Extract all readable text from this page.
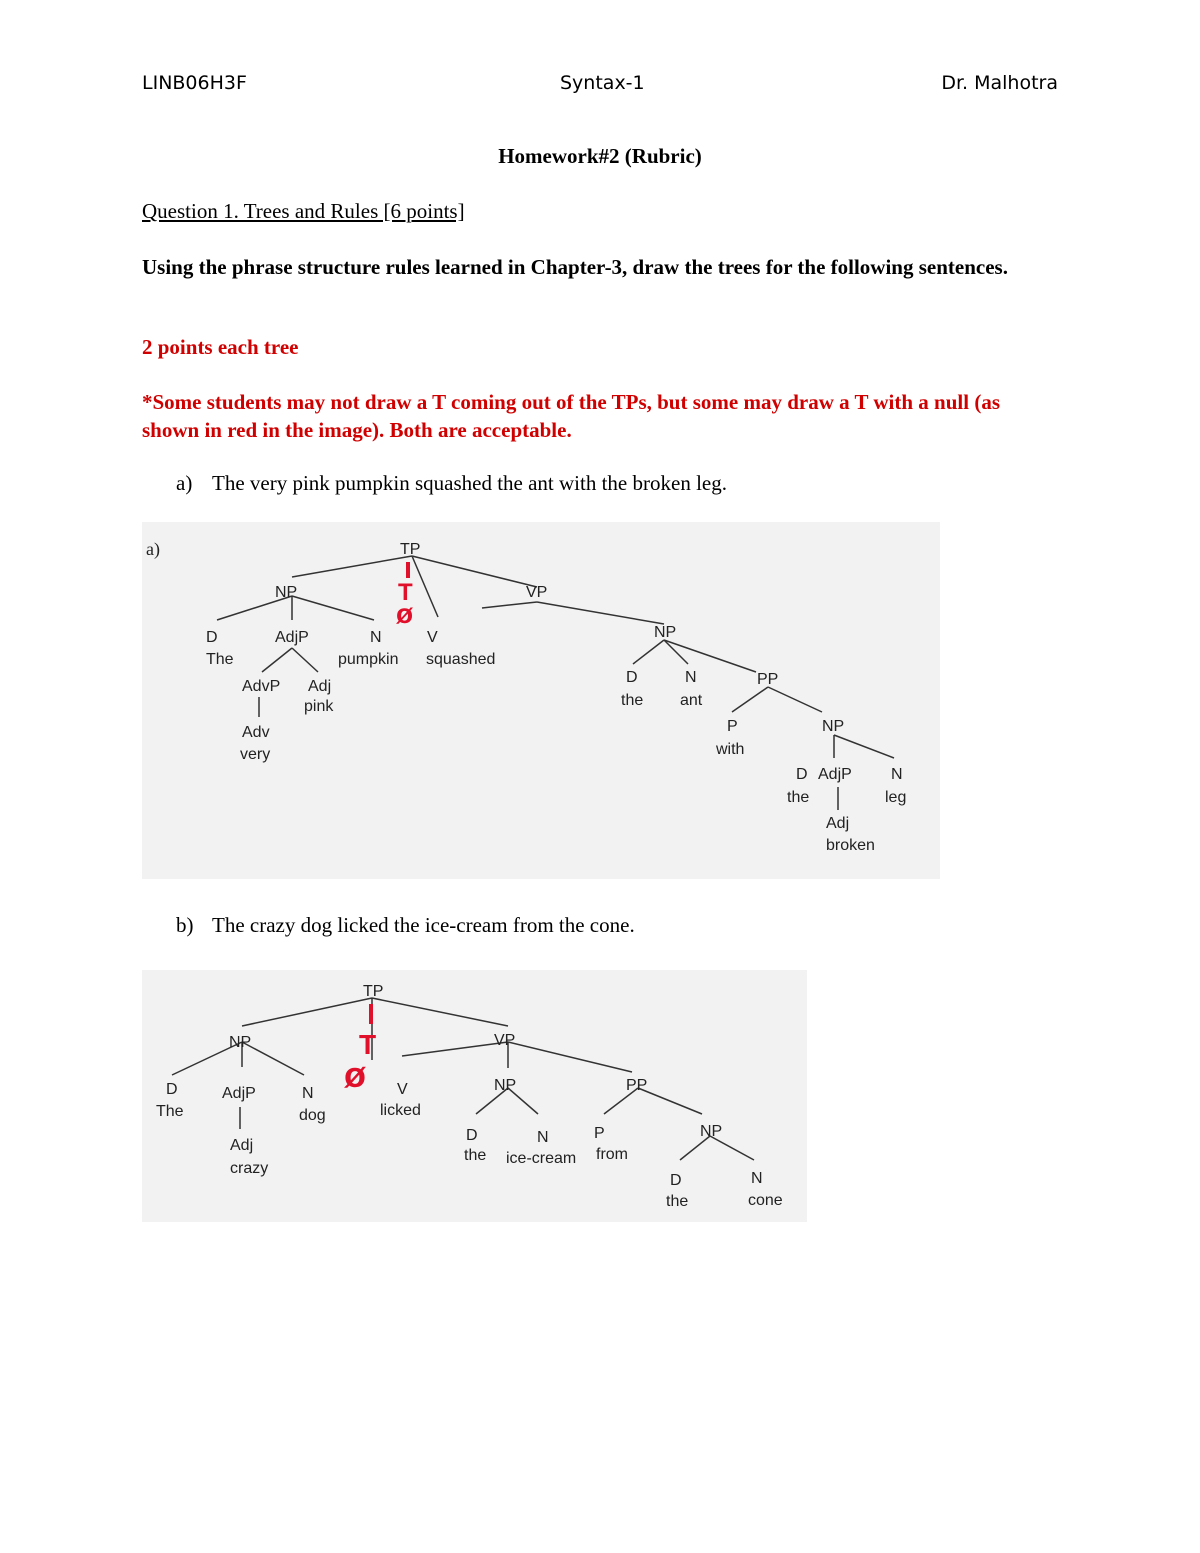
LINB06H3F	Syntax-1	Dr. Malhotra
Homework#2 (Rubric)
Question 1. Trees and Rules [6 points]
Using the phrase structure rules learned in Chapter-3, draw the trees for the following sentences.
2 points each tree
*Some students may not draw a T coming out of the TPs, but some may draw a T with a null (as shown in red in the image). Both are acceptable.
a) The very pink pumpkin squashed the ant with the broken leg.
a)	TP
NP	VP
D
The
AdjP	N
pumpkin
V
squashed
AdvP Adj
pink
Adv
very
NP
D
the
N
ant
PP
P
with
NP
D
the
AdjP N
leg
Adj
broken
T
ø
b) The crazy dog licked the ice-cream from the cone.
TP
NP	VP
D
The
AdjP	N
dog
Adj
crazy
V
licked
NP	PP
D
the
N
ice-cream
P
from
NP
D
the
N
cone
T
ø
